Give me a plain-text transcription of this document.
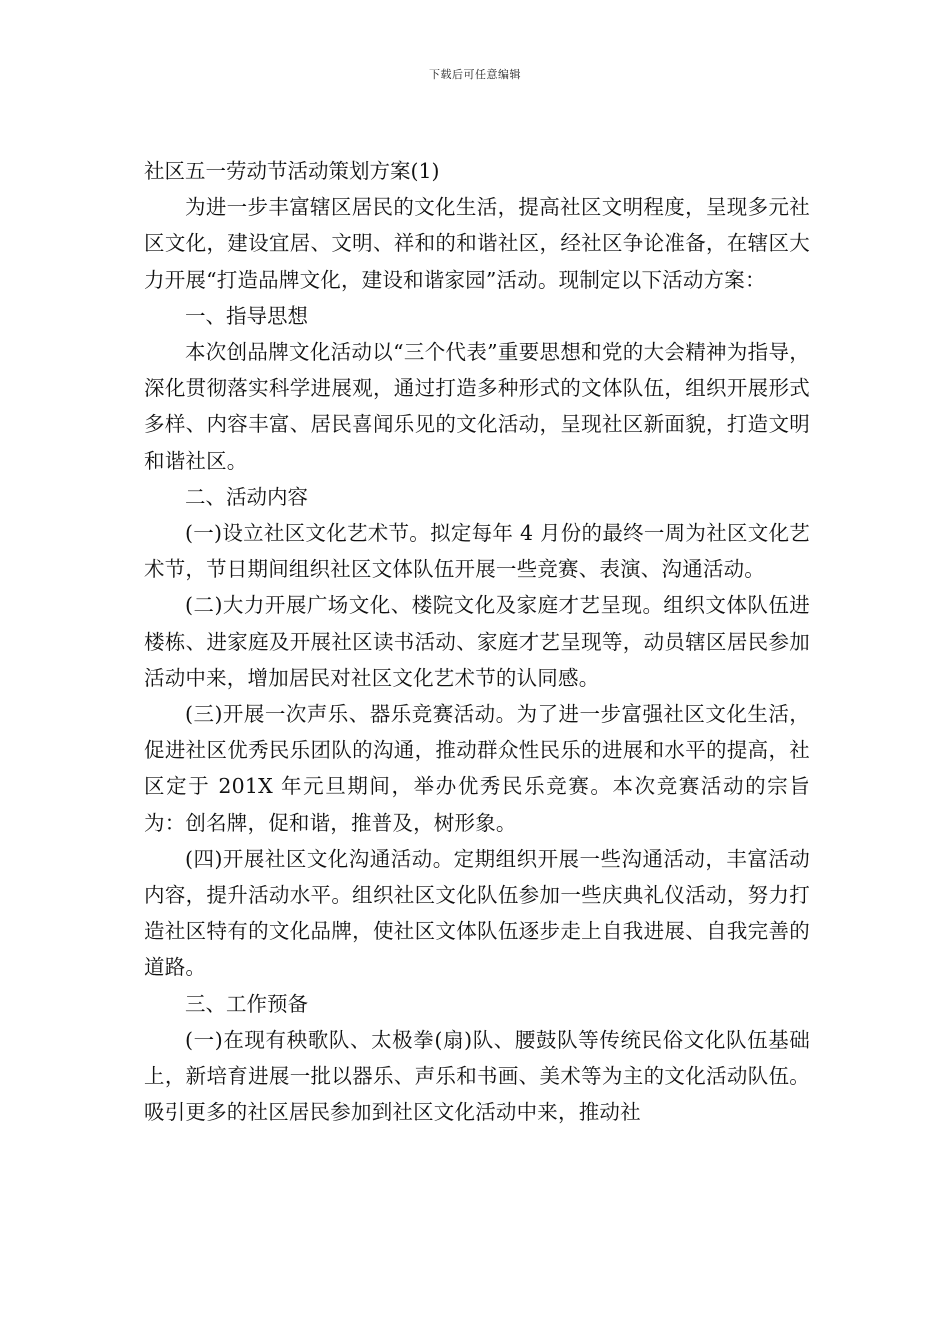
下载后可任意编辑
社区五一劳动节活动策划方案(1)

为进一步丰富辖区居民的文化生活，提高社区文明程度，呈现多元社区文化，建设宜居、文明、祥和的和谐社区，经社区争论准备，在辖区大力开展“打造品牌文化，建设和谐家园”活动。现制定以下活动方案：

一、指导思想

本次创品牌文化活动以“三个代表”重要思想和党的大会精神为指导，深化贯彻落实科学进展观，通过打造多种形式的文体队伍，组织开展形式多样、内容丰富、居民喜闻乐见的文化活动，呈现社区新面貌，打造文明和谐社区。

二、活动内容

(一)设立社区文化艺术节。拟定每年 4 月份的最终一周为社区文化艺术节，节日期间组织社区文体队伍开展一些竞赛、表演、沟通活动。

(二)大力开展广场文化、楼院文化及家庭才艺呈现。组织文体队伍进楼栋、进家庭及开展社区读书活动、家庭才艺呈现等，动员辖区居民参加活动中来，增加居民对社区文化艺术节的认同感。

(三)开展一次声乐、器乐竞赛活动。为了进一步富强社区文化生活，促进社区优秀民乐团队的沟通，推动群众性民乐的进展和水平的提高，社区定于 201X 年元旦期间，举办优秀民乐竞赛。本次竞赛活动的宗旨为：创名牌，促和谐，推普及，树形象。

(四)开展社区文化沟通活动。定期组织开展一些沟通活动，丰富活动内容，提升活动水平。组织社区文化队伍参加一些庆典礼仪活动，努力打造社区特有的文化品牌，使社区文体队伍逐步走上自我进展、自我完善的道路。

三、工作预备

(一)在现有秧歌队、太极拳(扇)队、腰鼓队等传统民俗文化队伍基础上，新培育进展一批以器乐、声乐和书画、美术等为主的文化活动队伍。吸引更多的社区居民参加到社区文化活动中来，推动社
